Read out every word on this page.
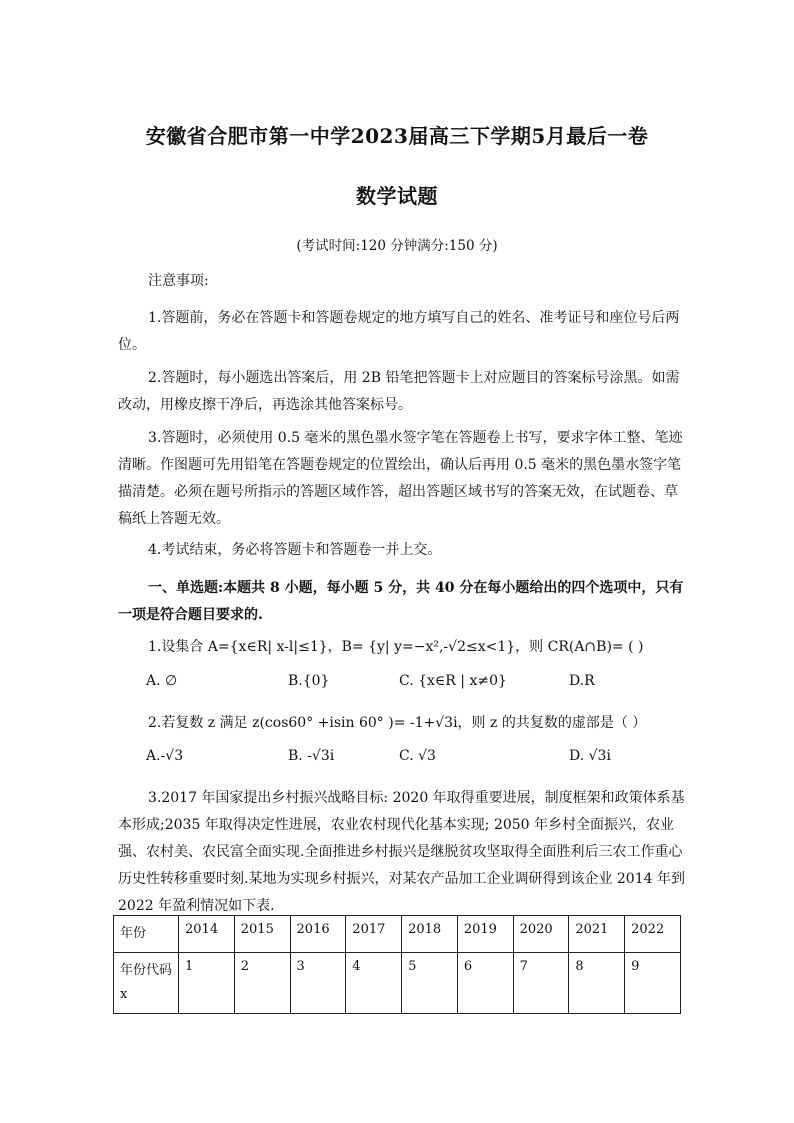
安徽省合肥市第一中学2023届高三下学期5月最后一卷
数学试题
(考试时间:120 分钟满分:150 分)
注意事项:
1.答题前，务必在答题卡和答题卷规定的地方填写自己的姓名、准考证号和座位号后两位。
2.答题时，每小题选出答案后，用 2B 铅笔把答题卡上对应题目的答案标号涂黑。如需改动，用橡皮擦干净后，再选涂其他答案标号。
3.答题时，必须使用 0.5 毫米的黑色墨水签字笔在答题卷上书写，要求字体工整、笔迹清晰。作图题可先用铅笔在答题卷规定的位置绘出，确认后再用 0.5 毫米的黑色墨水签字笔描清楚。必须在题号所指示的答题区域作答，超出答题区域书写的答案无效，在试题卷、草稿纸上答题无效。
4.考试结束，务必将答题卡和答题卷一并上交。
一、单选题:本题共 8 小题，每小题 5 分，共 40 分在每小题给出的四个选项中，只有一项是符合题目要求的.
1.设集合 A={x∈R| x-l|≤1}，B= {y| y=−x²,-√2≤x<1}，则 CR(A∩B)= ( )
A. ∅	B.{0}	C. {x∈R | x≠0}	D.R
2.若复数 z 满足 z(cos60° +isin 60° )= -1+√3i，则 z 的共复数的虚部是（ ）
A.-√3	B. -√3i	C. √3	D. √3i
3.2017 年国家提出乡村振兴战略目标: 2020 年取得重要进展，制度框架和政策体系基本形成;2035 年取得决定性进展，农业农村现代化基本实现; 2050 年乡村全面振兴，农业强、农村美、农民富全面实现.全面推进乡村振兴是继脱贫攻坚取得全面胜利后三农工作重心历史性转移重要时刻.某地为实现乡村振兴，对某农产品加工企业调研得到该企业 2014 年到 2022 年盈利情况如下表.
年份	2014	2015	2016	2017	2018	2019	2020	2021	2022
年份代码 x	1	2	3	4	5	6	7	8	9
